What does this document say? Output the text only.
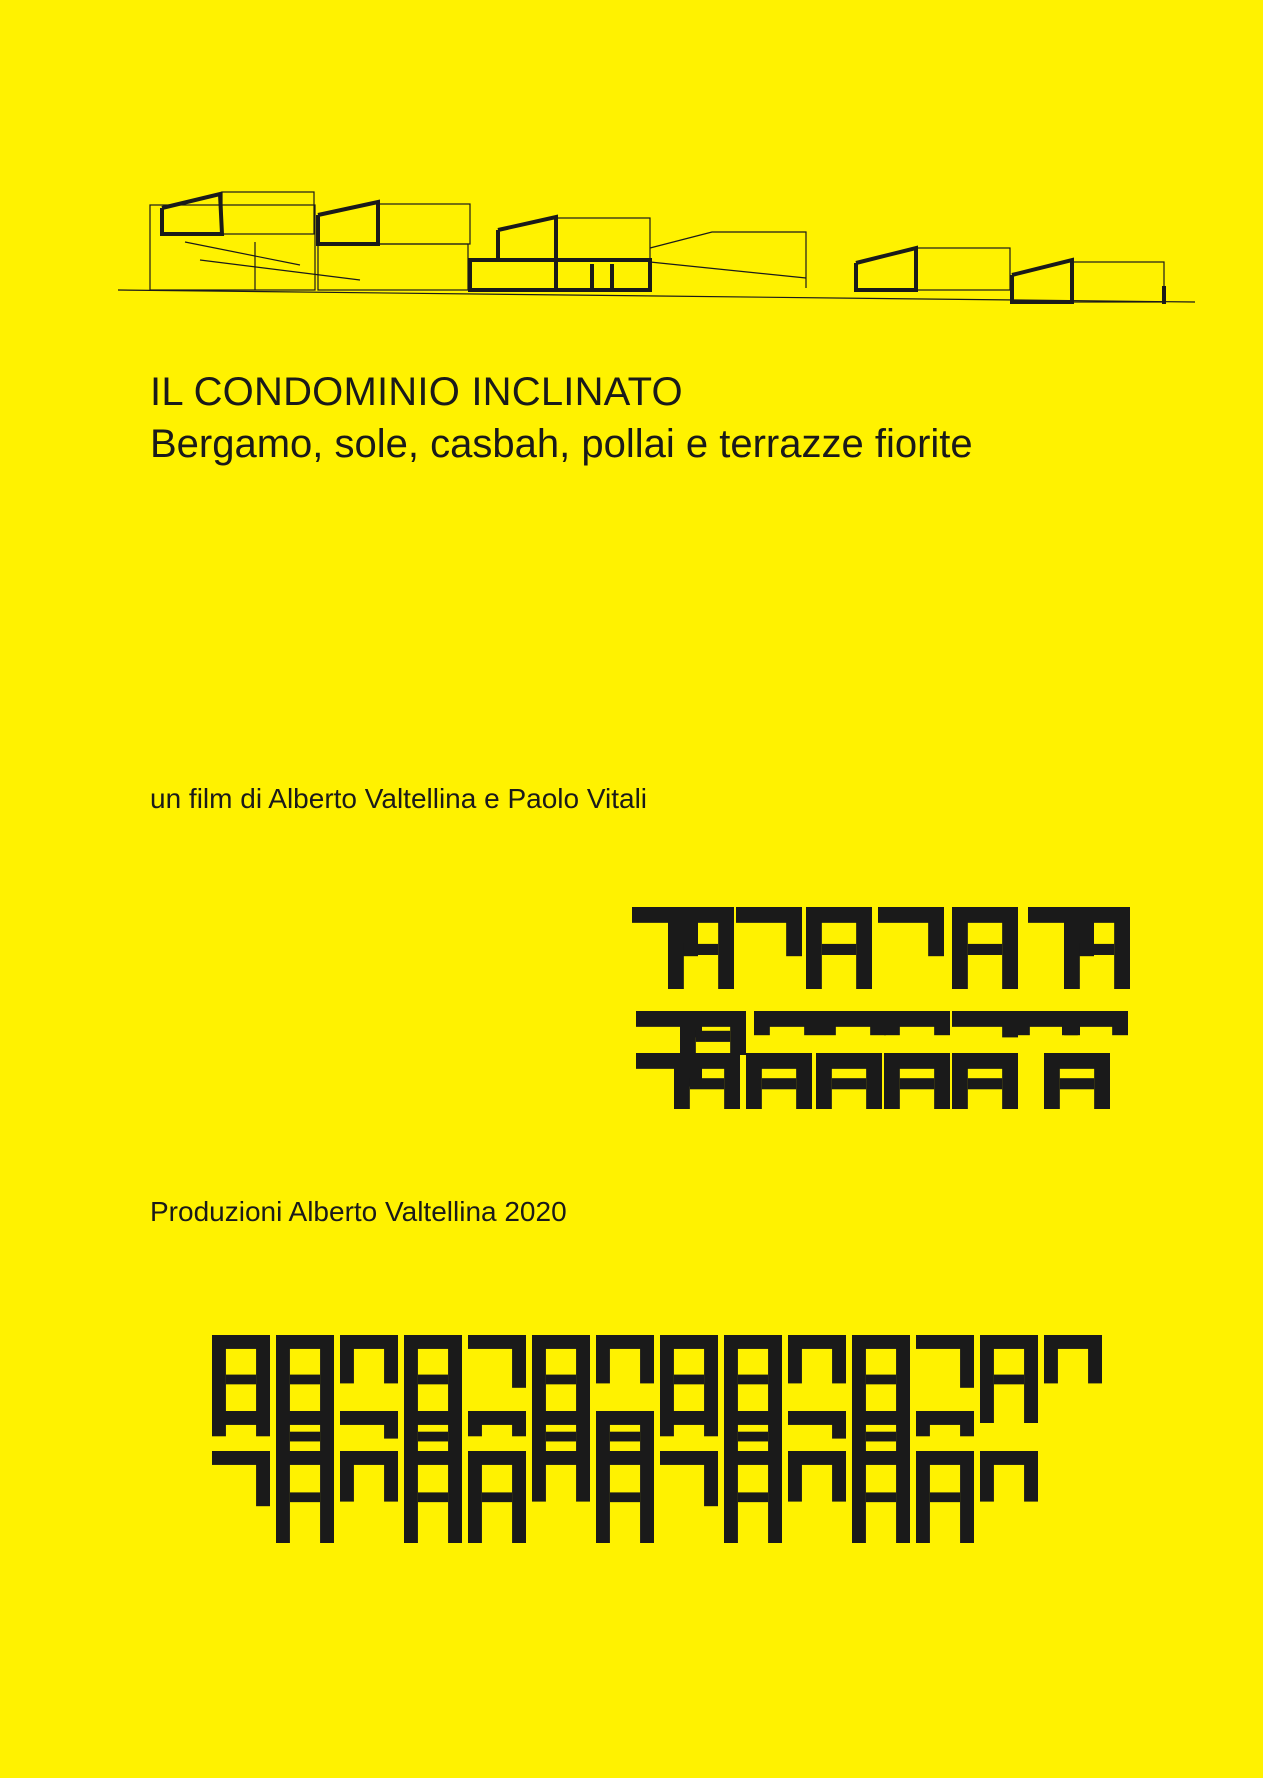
IL CONDOMINIO INCLINATO
Bergamo, sole, casbah, pollai e terrazze fiorite

un film di Alberto Valtellina e Paolo Vitali

Produzioni Alberto Valtellina 2020
